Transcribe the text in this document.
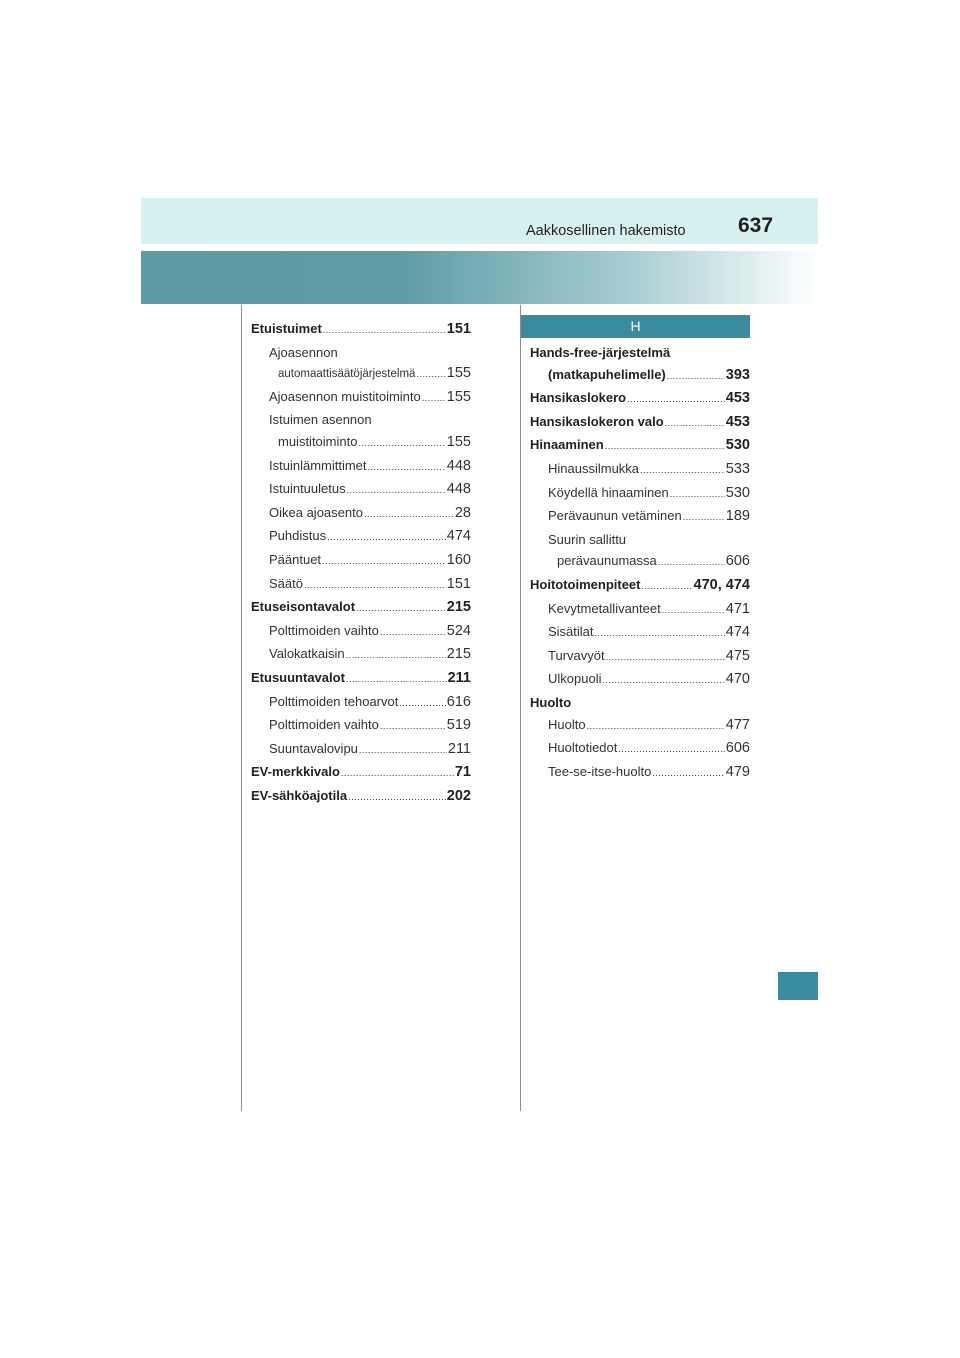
Aakkosellinen hakemisto 637
Etuistuimet .....	151
Ajoasennon
automaattisäätöjärjestelmä ..... 155
Ajoasennon muistitoiminto ..... 155
Istuimen asennon
muistitoiminto .....	155
Istuinlämmittimet .....	448
Istuintuuletus .....	448
Oikea ajoasento .....	28
Puhdistus .....	474
Pääntuet .....	160
Säätö .....	151
Etuseisontavalot .....	215
Polttimoiden vaihto .....	524
Valokatkaisin .....	215
Etusuuntavalot .....	211
Polttimoiden tehoarvot .....	616
Polttimoiden vaihto .....	519
Suuntavalovipu .....	211
EV-merkkivalo .....	71
EV-sähköajotila .....	202
H
Hands-free-järjestelmä
(matkapuhelimelle) .....	393
Hansikaslokero .....	453
Hansikaslokeron valo .....	453
Hinaaminen .....	530
Hinaussilmukka .....	533
Köydellä hinaaminen .....	530
Perävaunun vetäminen .....	189
Suurin sallittu
perävaunumassa .....	606
Hoitotoimenpiteet .....	470, 474
Kevytmetallivanteet .....	471
Sisätilat .....	474
Turvavyöt .....	475
Ulkopuoli .....	470
Huolto
Huolto .....	477
Huoltotiedot .....	606
Tee-se-itse-huolto .....	479
